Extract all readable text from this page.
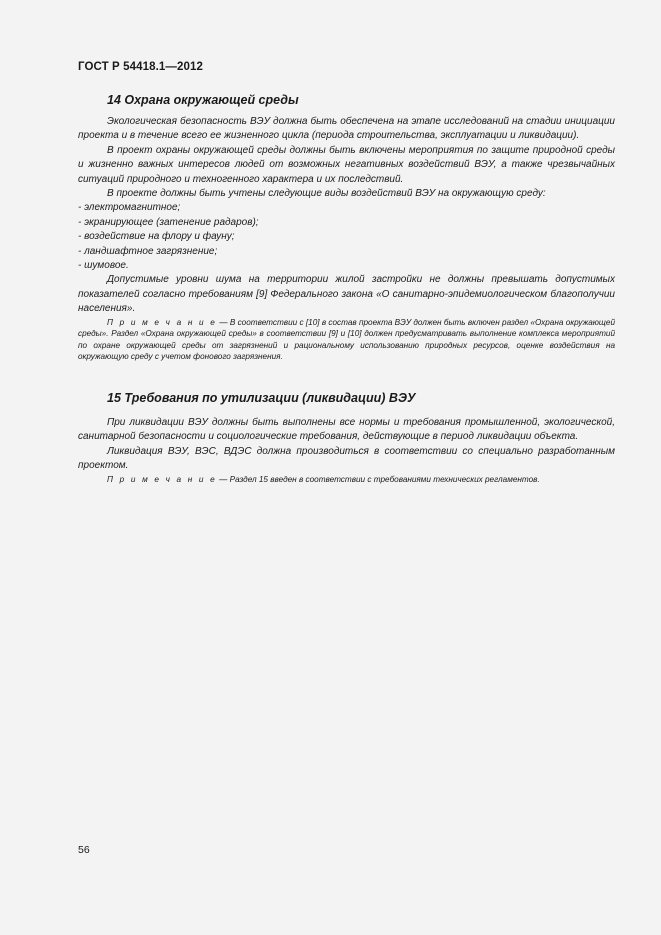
ГОСТ Р 54418.1—2012
14 Охрана окружающей среды

Экологическая безопасность ВЭУ должна быть обеспечена на этапе исследований на стадии инициации проекта и в течение всего ее жизненного цикла (периода строительства, эксплуатации и ликвидации).

В проект охраны окружающей среды должны быть включены мероприятия по защите природной среды и жизненно важных интересов людей от возможных негативных воздействий ВЭУ, а также чрезвычайных ситуаций природного и техногенного характера и их последствий.

В проекте должны быть учтены следующие виды воздействий ВЭУ на окружающую среду:

- электромагнитное;

- экранирующее (затенение радаров);

- воздействие на флору и фауну;

- ландшафтное загрязнение;

- шумовое.

Допустимые уровни шума на территории жилой застройки не должны превышать допустимых показателей согласно требованиям [9] Федерального закона «О санитарно-эпидемиологическом благополучии населения».

П р и м е ч а н и е — В соответствии с [10] в состав проекта ВЭУ должен быть включен раздел «Охрана окружающей среды». Раздел «Охрана окружающей среды» в соответствии [9] и [10] должен предусматривать выполнение комплекса мероприятий по охране окружающей среды от загрязнений и рациональному использованию природных ресурсов, оценке воздействия на окружающую среду с учетом фонового загрязнения.

15 Требования по утилизации (ликвидации) ВЭУ

При ликвидации ВЭУ должны быть выполнены все нормы и требования промышленной, экологической, санитарной безопасности и социологические требования, действующие в период ликвидации объекта.

Ликвидация ВЭУ, ВЭС, ВДЭС должна производиться в соответствии со специально разработанным проектом.

П р и м е ч а н и е — Раздел 15 введен в соответствии с требованиями технических регламентов.

56
